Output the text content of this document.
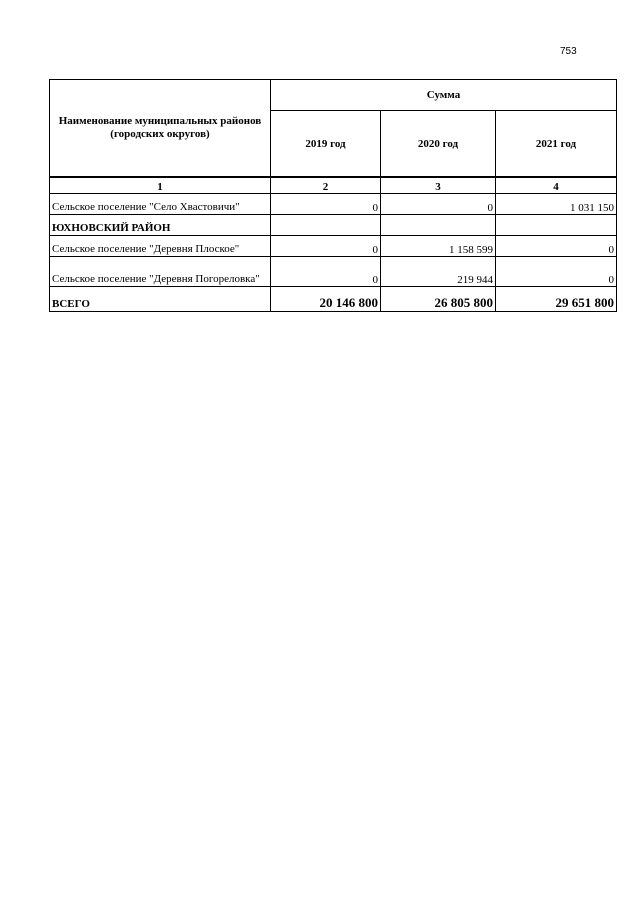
753
Наименование муниципальных районов (городских округов)	Сумма		
	2019 год	2020 год	2021 год
1	2	3	4
Сельское поселение "Село Хвастовичи"	0	0	1 031 150
ЮХНОВСКИЙ РАЙОН			
Сельское поселение "Деревня Плоское"	0	1 158 599	0
Сельское поселение "Деревня Погореловка"	0	219 944	0
ВСЕГО	20 146 800	26 805 800	29 651 800
